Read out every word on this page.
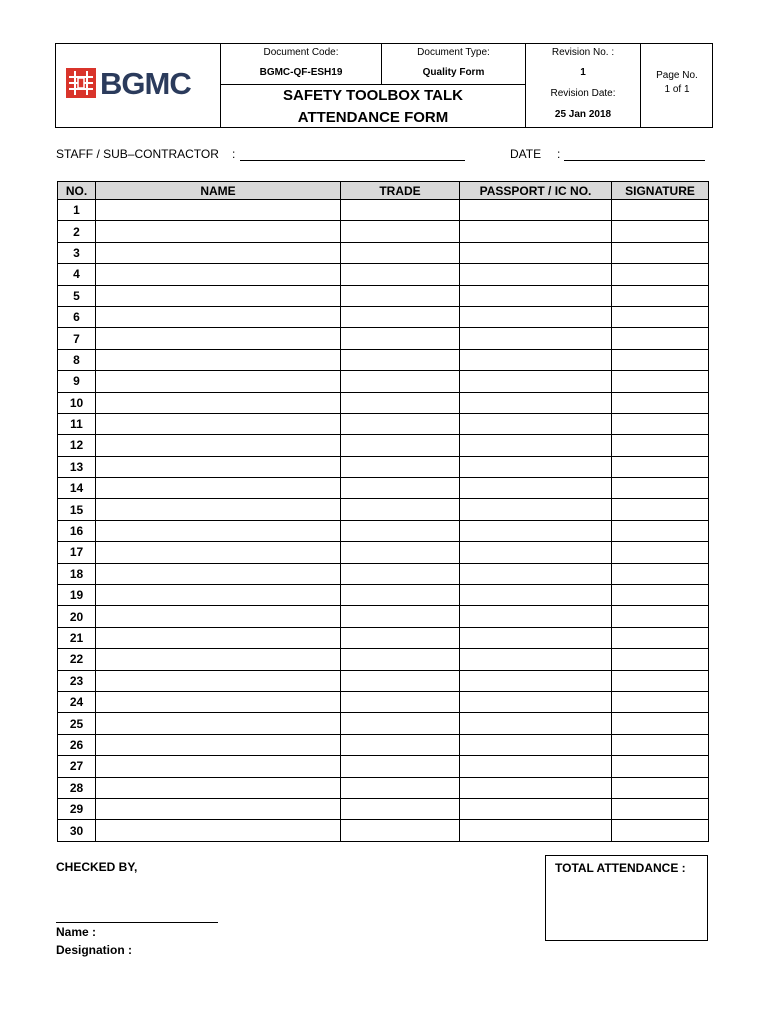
BGMC
Document Code:
BGMC-QF-ESH19
Document Type:
Quality Form
SAFETY TOOLBOX TALK
ATTENDANCE FORM
Revision No. :
1
Revision Date:
25 Jan 2018
Page No.
1 of 1
STAFF / SUB–CONTRACTOR :	DATE :
NO.	NAME	TRADE	PASSPORT / IC NO.	SIGNATURE
1				
2				
3				
4				
5				
6				
7				
8				
9				
10				
11				
12				
13				
14				
15				
16				
17				
18				
19				
20				
21				
22				
23				
24				
25				
26				
27				
28				
29				
30				
CHECKED BY,
Name :
Designation :
TOTAL ATTENDANCE :
